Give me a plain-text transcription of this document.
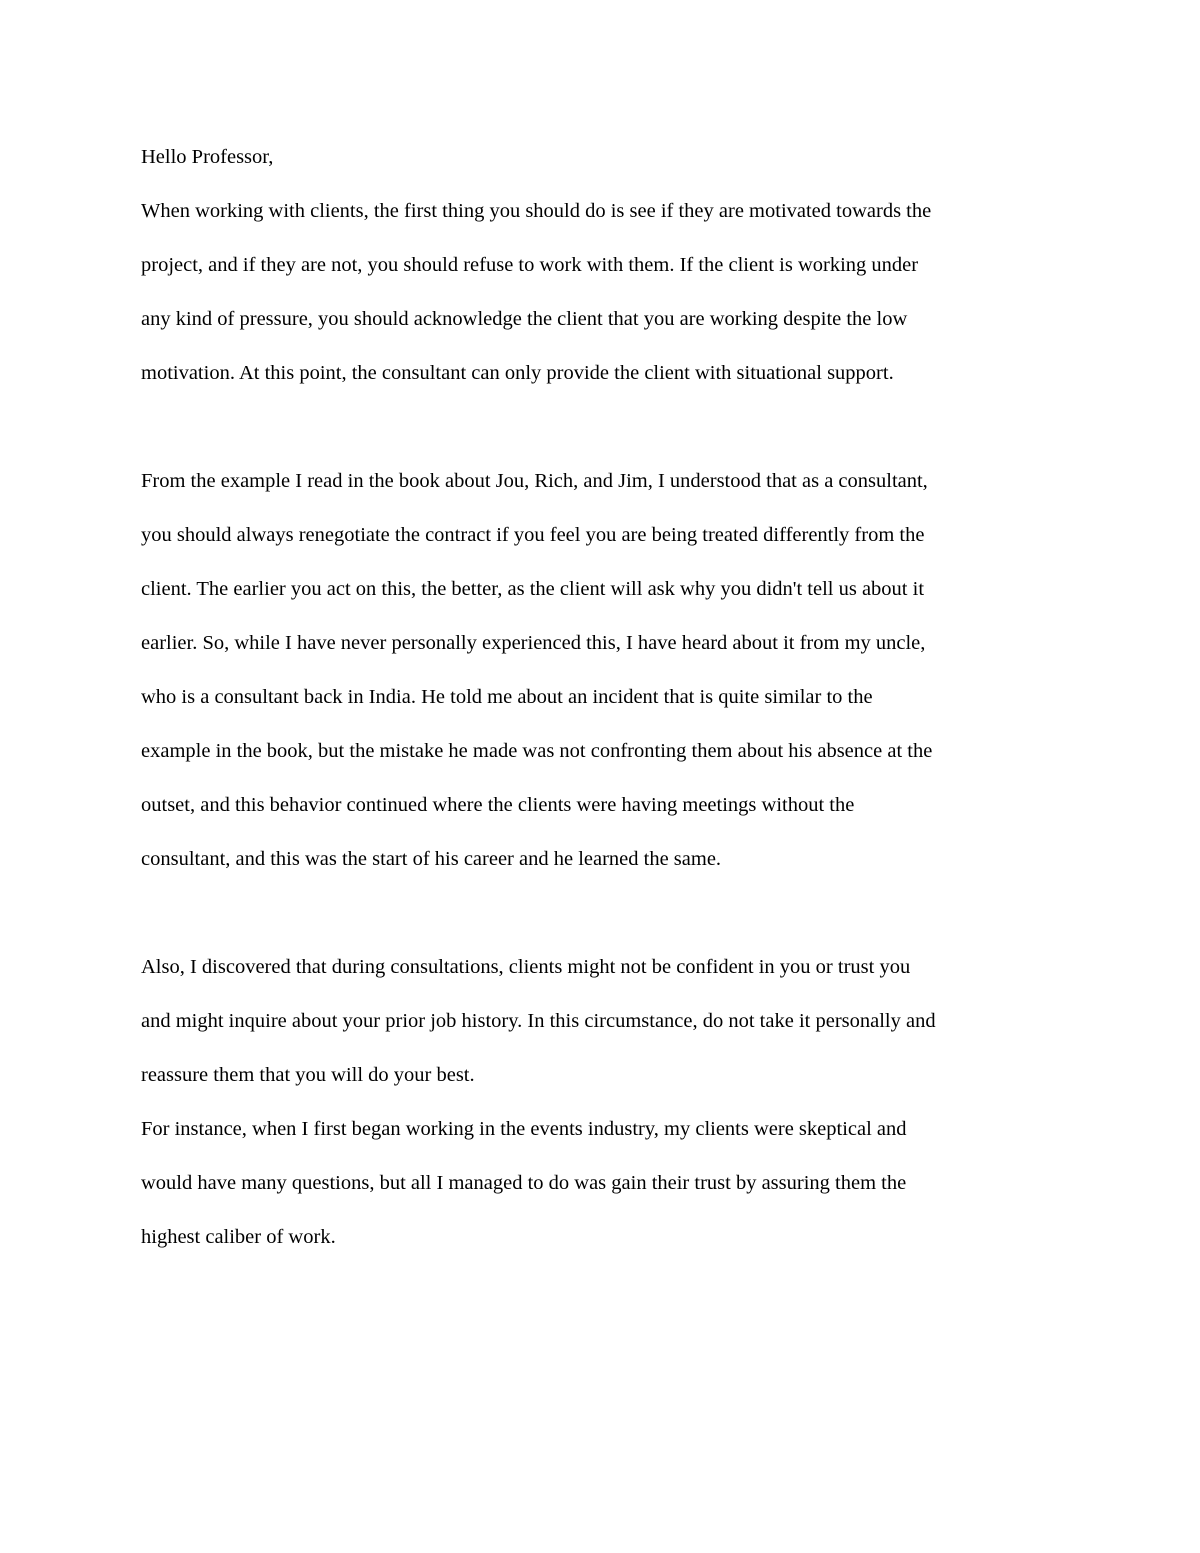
Hello Professor,
When working with clients, the first thing you should do is see if they are motivated towards the
project, and if they are not, you should refuse to work with them. If the client is working under
any kind of pressure, you should acknowledge the client that you are working despite the low
motivation. At this point, the consultant can only provide the client with situational support.
From the example I read in the book about Jou, Rich, and Jim, I understood that as a consultant,
you should always renegotiate the contract if you feel you are being treated differently from the
client. The earlier you act on this, the better, as the client will ask why you didn't tell us about it
earlier. So, while I have never personally experienced this, I have heard about it from my uncle,
who is a consultant back in India. He told me about an incident that is quite similar to the
example in the book, but the mistake he made was not confronting them about his absence at the
outset, and this behavior continued where the clients were having meetings without the
consultant, and this was the start of his career and he learned the same.
Also, I discovered that during consultations, clients might not be confident in you or trust you
and might inquire about your prior job history. In this circumstance, do not take it personally and
reassure them that you will do your best.
For instance, when I first began working in the events industry, my clients were skeptical and
would have many questions, but all I managed to do was gain their trust by assuring them the
highest caliber of work.
